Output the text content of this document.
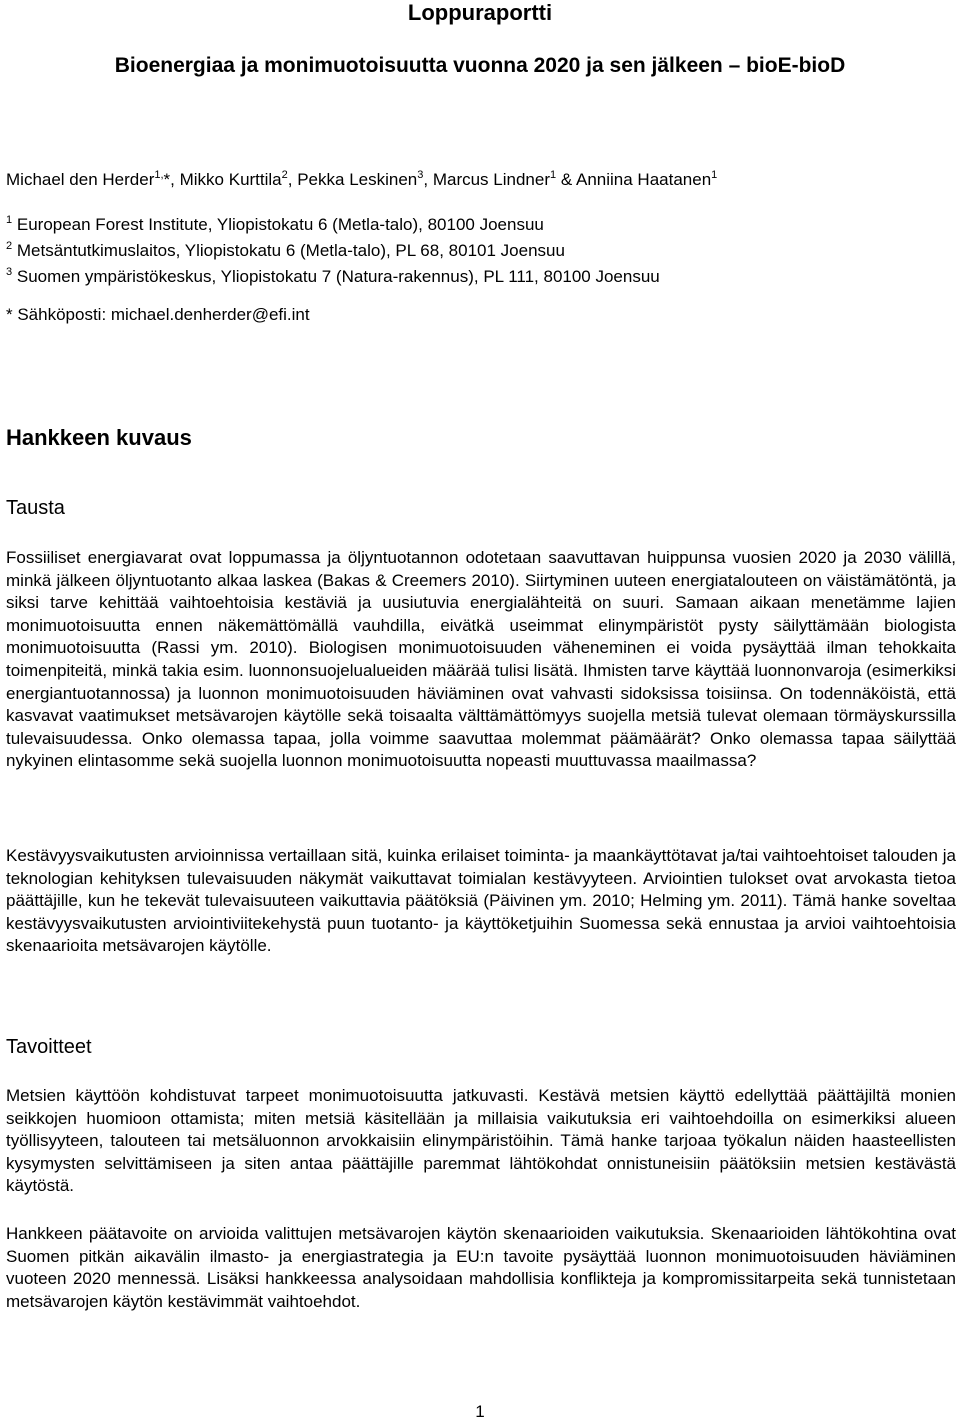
Loppuraportti
Bioenergiaa ja monimuotoisuutta vuonna 2020 ja sen jälkeen – bioE-bioD
Michael den Herder$^{1,}$*, Mikko Kurttila$^2$, Pekka Leskinen$^3$, Marcus Lindner$^1$ & Anniina Haatanen$^1$
$^1$ European Forest Institute, Yliopistokatu 6 (Metla-talo), 80100 Joensuu
$^2$ Metsäntutkimuslaitos, Yliopistokatu 6 (Metla-talo), PL 68, 80101 Joensuu
$^3$ Suomen ympäristökeskus, Yliopistokatu 7 (Natura-rakennus), PL 111, 80100 Joensuu
* Sähköposti: michael.denherder@efi.int
Hankkeen kuvaus
Tausta

Fossiiliset energiavarat ovat loppumassa ja öljyntuotannon odotetaan saavuttavan huippunsa vuosien 2020 ja 2030 välillä, minkä jälkeen öljyntuotanto alkaa laskea (Bakas & Creemers 2010). Siirtyminen uuteen energiatalouteen on väistämätöntä, ja siksi tarve kehittää vaihtoehtoisia kestäviä ja uusiutuvia energialähteitä on suuri. Samaan aikaan menetämme lajien monimuotoisuutta ennen näkemättömällä vauhdilla, eivätkä useimmat elinympäristöt pysty säilyttämään biologista monimuotoisuutta (Rassi ym. 2010). Biologisen monimuotoisuuden väheneminen ei voida pysäyttää ilman tehokkaita toimenpiteitä, minkä takia esim. luonnonsuojelualueiden määrää tulisi lisätä. Ihmisten tarve käyttää luonnonvaroja (esimerkiksi energiantuotannossa) ja luonnon monimuotoisuuden häviäminen ovat vahvasti sidoksissa toisiinsa. On todennäköistä, että kasvavat vaatimukset metsävarojen käytölle sekä toisaalta välttämättömyys suojella metsiä tulevat olemaan törmäyskurssilla tulevaisuudessa. Onko olemassa tapaa, jolla voimme saavuttaa molemmat päämäärät? Onko olemassa tapaa säilyttää nykyinen elintasomme sekä suojella luonnon monimuotoisuutta nopeasti muuttuvassa maailmassa?

Kestävyysvaikutusten arvioinnissa vertaillaan sitä, kuinka erilaiset toiminta- ja maankäyttötavat ja/tai vaihtoehtoiset talouden ja teknologian kehityksen tulevaisuuden näkymät vaikuttavat toimialan kestävyyteen. Arviointien tulokset ovat arvokasta tietoa päättäjille, kun he tekevät tulevaisuuteen vaikuttavia päätöksiä (Päivinen ym. 2010; Helming ym. 2011). Tämä hanke soveltaa kestävyysvaikutusten arviointiviitekehystä puun tuotanto- ja käyttöketjuihin Suomessa sekä ennustaa ja arvioi vaihtoehtoisia skenaarioita metsävarojen käytölle.

Tavoitteet

Metsien käyttöön kohdistuvat tarpeet monimuotoisuutta jatkuvasti. Kestävä metsien käyttö edellyttää päättäjiltä monien seikkojen huomioon ottamista; miten metsiä käsitellään ja millaisia vaikutuksia eri vaihtoehdoilla on esimerkiksi alueen työllisyyteen, talouteen tai metsäluonnon arvokkaisiin elinympäristöihin. Tämä hanke tarjoaa työkalun näiden haasteellisten kysymysten selvittämiseen ja siten antaa päättäjille paremmat lähtökohdat onnistuneisiin päätöksiin metsien kestävästä käytöstä.

Hankkeen päätavoite on arvioida valittujen metsävarojen käytön skenaarioiden vaikutuksia. Skenaarioiden lähtökohtina ovat Suomen pitkän aikavälin ilmasto- ja energiastrategia ja EU:n tavoite pysäyttää luonnon monimuotoisuuden häviäminen vuoteen 2020 mennessä. Lisäksi hankkeessa analysoidaan mahdollisia konflikteja ja kompromissitarpeita sekä tunnistetaan metsävarojen käytön kestävimmät vaihtoehdot.

1
